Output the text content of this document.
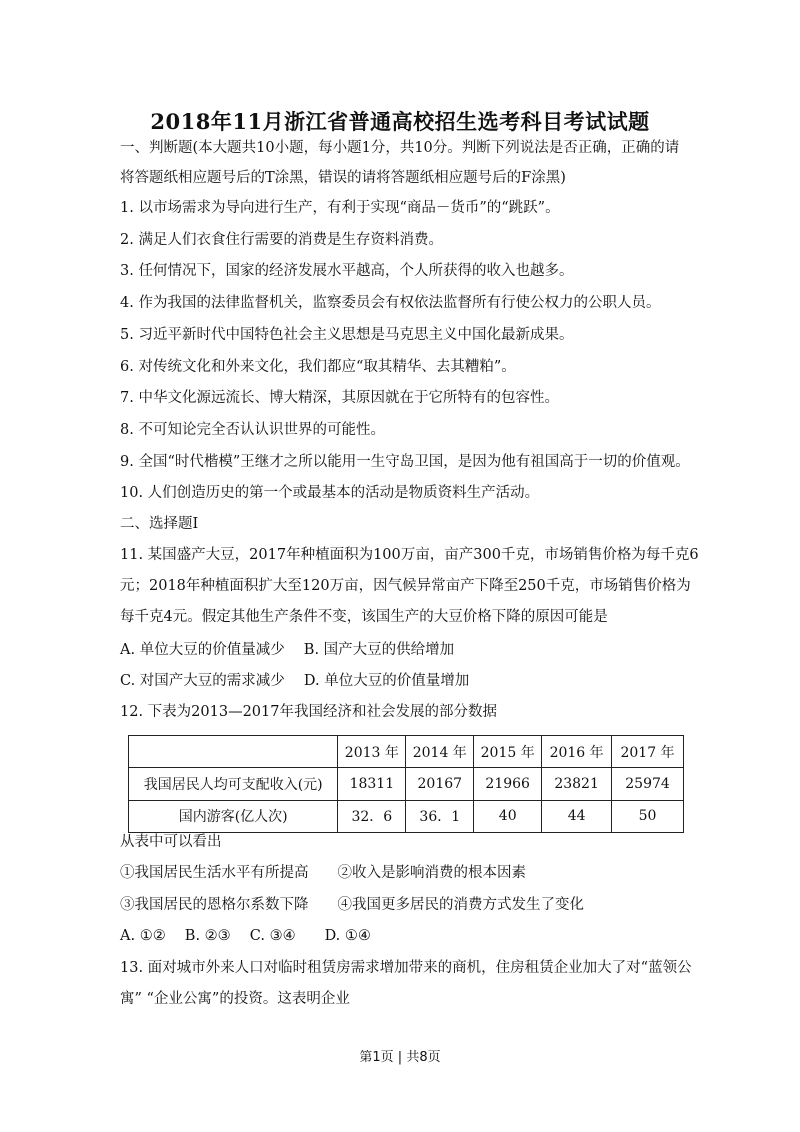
2018年11月浙江省普通高校招生选考科目考试试题
一、判断题(本大题共10小题，每小题1分，共10分。判断下列说法是否正确，正确的请
将答题纸相应题号后的T涂黑，错误的请将答题纸相应题号后的F涂黑)
1. 以市场需求为导向进行生产，有利于实现“商品－货币”的“跳跃”。
2. 满足人们衣食住行需要的消费是生存资料消费。
3. 任何情况下，国家的经济发展水平越高，个人所获得的收入也越多。
4. 作为我国的法律监督机关，监察委员会有权依法监督所有行使公权力的公职人员。
5. 习近平新时代中国特色社会主义思想是马克思主义中国化最新成果。
6. 对传统文化和外来文化，我们都应“取其精华、去其糟粕”。
7. 中华文化源远流长、博大精深，其原因就在于它所特有的包容性。
8. 不可知论完全否认认识世界的可能性。
9. 全国“时代楷模”王继才之所以能用一生守岛卫国，是因为他有祖国高于一切的价值观。
10. 人们创造历史的第一个或最基本的活动是物质资料生产活动。
二、选择题Ⅰ
11. 某国盛产大豆，2017年种植面积为100万亩，亩产300千克，市场销售价格为每千克6
元；2018年种植面积扩大至120万亩，因气候异常亩产下降至250千克，市场销售价格为
每千克4元。假定其他生产条件不变，该国生产的大豆价格下降的原因可能是
A. 单位大豆的价值量减少　 B. 国产大豆的供给增加
C. 对国产大豆的需求减少　 D. 单位大豆的价值量增加
12. 下表为2013—2017年我国经济和社会发展的部分数据
从表中可以看出
①我国居民生活水平有所提高　　②收入是影响消费的根本因素
③我国居民的恩格尔系数下降　　④我国更多居民的消费方式发生了变化
A. ①②　 B. ②③　 C. ③④　　D. ①④
13. 面对城市外来人口对临时租赁房需求增加带来的商机，住房租赁企业加大了对“蓝领公
寓” “企业公寓”的投资。这表明企业
	2013 年	2014 年	2015 年	2016 年	2017 年
我国居民人均可支配收入(元)	18311	20167	21966	23821	25974
国内游客(亿人次)	32．6	36．1	40	44	50
第1页 | 共8页
